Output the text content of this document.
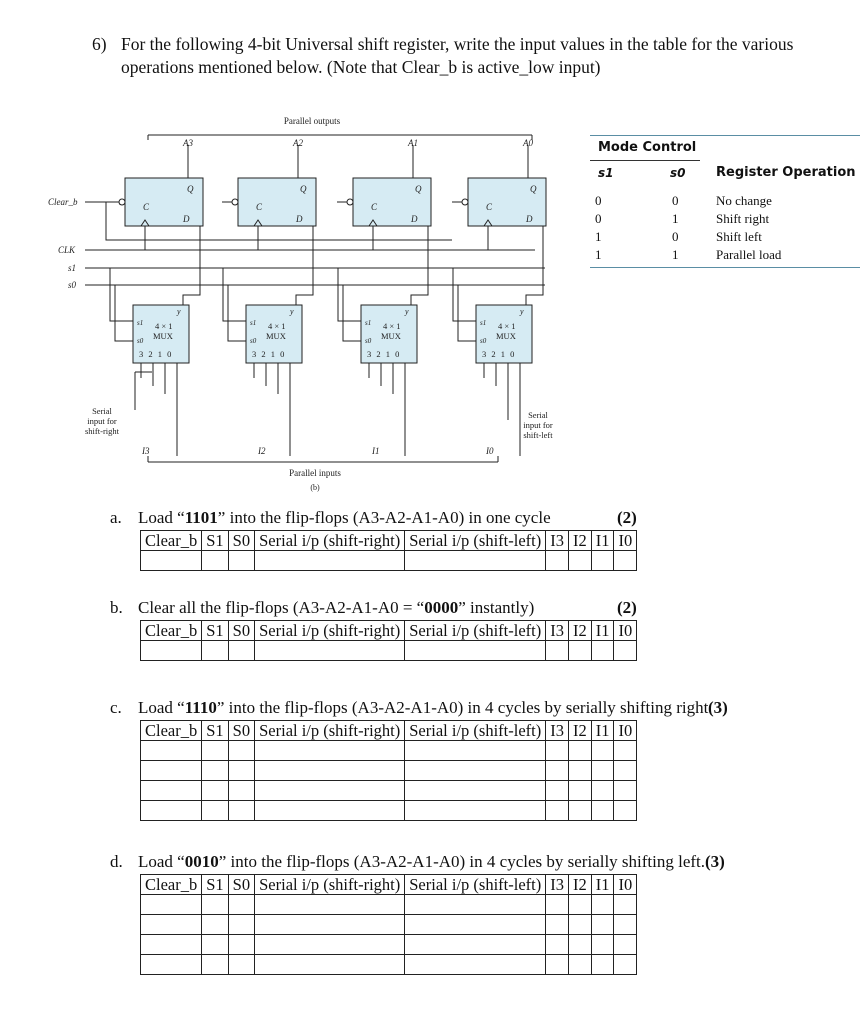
6) For the following 4-bit Universal shift register, write the input values in the table for the various operations mentioned below. (Note that Clear_b is active_low input)
Q
C
D
y
s1 4 × 1
MUX
s0
3 2 1 0
Q
C
D
y
s1 4 × 1
MUX
s0
3 2 1 0
Q
C
D
y
s1 4 × 1
MUX
s0
3 2 1 0
Q
C
D
y
s1 4 × 1
MUX
s0
3 2 1 0
Parallel outputs
A3	A2	A1	A0
Clear_b
CLK
s1
s0
Serial
input for
shift-right
Serial
input for
shift-left
I3	I2	I1	I0
Parallel inputs
(b)
Mode Control
s1	s0 Register Operation
0	0	No change
0	1	Shift right
1	0	Shift left
1	1	Parallel load
a. Load “1101” into the flip-flops (A3-A2-A1-A0) in one cycle	(2)
Clear_b	S1	S0	Serial i/p (shift-right)	Serial i/p (shift-left)	I3	I2	I1	I0

b. Clear all the flip-flops (A3-A2-A1-A0 = “0000” instantly)	(2)
Clear_b	S1	S0	Serial i/p (shift-right)	Serial i/p (shift-left)	I3	I2	I1	I0

c. Load “1110” into the flip-flops (A3-A2-A1-A0) in 4 cycles by serially shifting right (3)
Clear_b	S1	S0	Serial i/p (shift-right)	Serial i/p (shift-left)	I3	I2	I1	I0

d. Load “0010” into the flip-flops (A3-A2-A1-A0) in 4 cycles by serially shifting left. (3)
Clear_b	S1	S0	Serial i/p (shift-right)	Serial i/p (shift-left)	I3	I2	I1	I0
